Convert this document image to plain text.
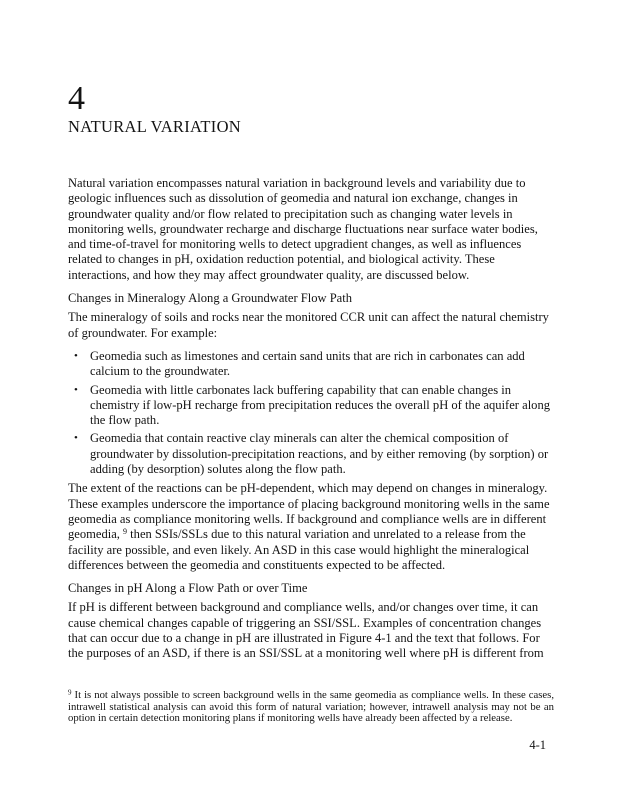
4
NATURAL VARIATION

Natural variation encompasses natural variation in background levels and variability due to geologic influences such as dissolution of geomedia and natural ion exchange, changes in groundwater quality and/or flow related to precipitation such as changing water levels in monitoring wells, groundwater recharge and discharge fluctuations near surface water bodies, and time-of-travel for monitoring wells to detect upgradient changes, as well as influences related to changes in pH, oxidation reduction potential, and biological activity. These interactions, and how they may affect groundwater quality, are discussed below.

Changes in Mineralogy Along a Groundwater Flow Path

The mineralogy of soils and rocks near the monitored CCR unit can affect the natural chemistry of groundwater. For example:

• Geomedia such as limestones and certain sand units that are rich in carbonates can add calcium to the groundwater.
• Geomedia with little carbonates lack buffering capability that can enable changes in chemistry if low-pH recharge from precipitation reduces the overall pH of the aquifer along the flow path.
• Geomedia that contain reactive clay minerals can alter the chemical composition of groundwater by dissolution-precipitation reactions, and by either removing (by sorption) or adding (by desorption) solutes along the flow path.

The extent of the reactions can be pH-dependent, which may depend on changes in mineralogy. These examples underscore the importance of placing background monitoring wells in the same geomedia as compliance monitoring wells. If background and compliance wells are in different geomedia, $^9$ then SSIs/SSLs due to this natural variation and unrelated to a release from the facility are possible, and even likely. An ASD in this case would highlight the mineralogical differences between the geomedia and constituents expected to be affected.

Changes in pH Along a Flow Path or over Time

If pH is different between background and compliance wells, and/or changes over time, it can cause chemical changes capable of triggering an SSI/SSL. Examples of concentration changes that can occur due to a change in pH are illustrated in Figure 4-1 and the text that follows. For the purposes of an ASD, if there is an SSI/SSL at a monitoring well where pH is different from

$^9$ It is not always possible to screen background wells in the same geomedia as compliance wells. In these cases, intrawell statistical analysis can avoid this form of natural variation; however, intrawell analysis may not be an option in certain detection monitoring plans if monitoring wells have already been affected by a release.
4-1
